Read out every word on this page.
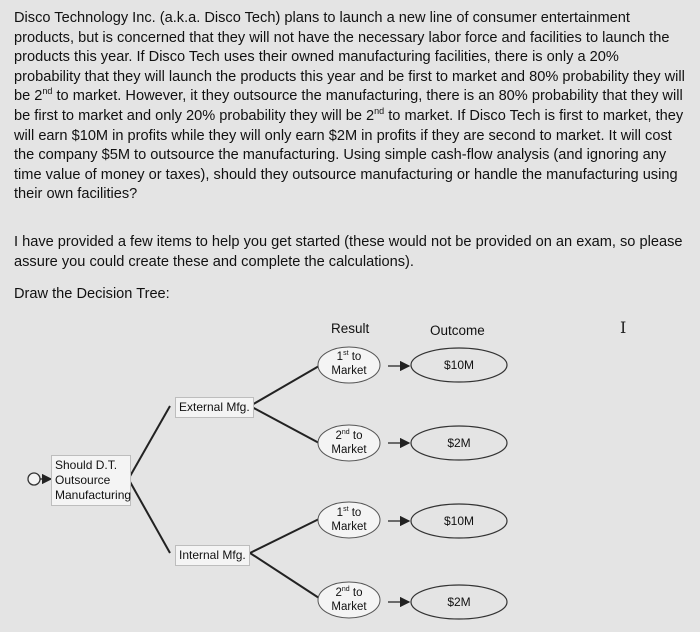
Disco Technology Inc. (a.k.a. Disco Tech) plans to launch a new line of consumer entertainment products, but is concerned that they will not have the necessary labor force and facilities to launch the products this year. If Disco Tech uses their owned manufacturing facilities, there is only a 20% probability that they will launch the products this year and be first to market and 80% probability they will be 2nd to market. However, it they outsource the manufacturing, there is an 80% probability that they will be first to market and only 20% probability they will be 2nd to market. If Disco Tech is first to market, they will earn $10M in profits while they will only earn $2M in profits if they are second to market. It will cost the company $5M to outsource the manufacturing. Using simple cash-flow analysis (and ignoring any time value of money or taxes), should they outsource manufacturing or handle the manufacturing using their own facilities?

I have provided a few items to help you get started (these would not be provided on an exam, so please assure you could create these and complete the calculations).

Draw the Decision Tree:

Result	Outcome	I
Should D.T.
Outsource
Manufacturing
External Mfg.
Internal Mfg.
1st to
Market
2nd to
Market
1st to
Market
2nd to
Market
$10M
$2M
$10M
$2M
